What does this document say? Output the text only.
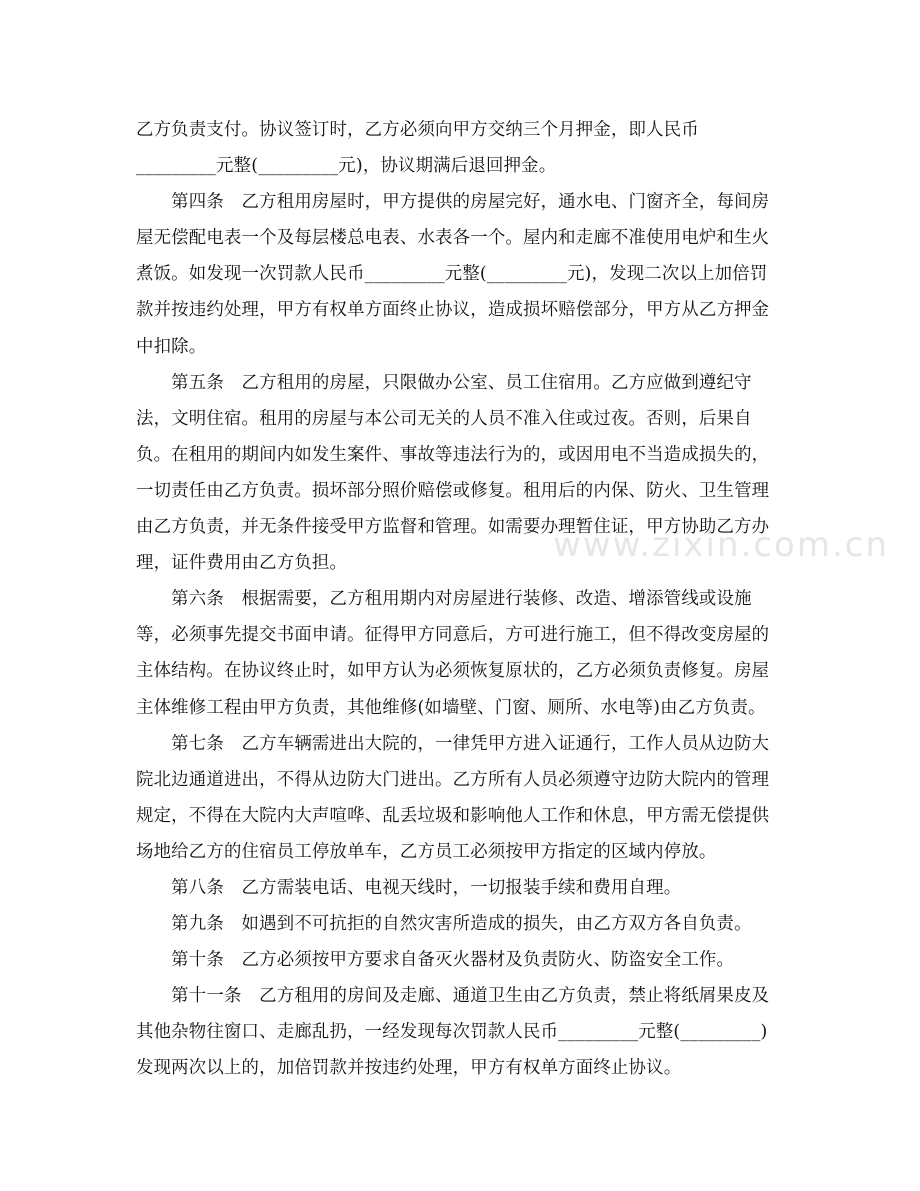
www.zixin.com.cn
乙方负责支付。协议签订时，乙方必须向甲方交纳三个月押金，即人民币
_________元整(_________元)，协议期满后退回押金。
　　第四条　乙方租用房屋时，甲方提供的房屋完好，通水电、门窗齐全，每间房
屋无偿配电表一个及每层楼总电表、水表各一个。屋内和走廊不准使用电炉和生火
煮饭。如发现一次罚款人民币_________元整(_________元)，发现二次以上加倍罚
款并按违约处理，甲方有权单方面终止协议，造成损坏赔偿部分，甲方从乙方押金
中扣除。
　　第五条　乙方租用的房屋，只限做办公室、员工住宿用。乙方应做到遵纪守
法，文明住宿。租用的房屋与本公司无关的人员不准入住或过夜。否则，后果自
负。在租用的期间内如发生案件、事故等违法行为的，或因用电不当造成损失的，
一切责任由乙方负责。损坏部分照价赔偿或修复。租用后的内保、防火、卫生管理
由乙方负责，并无条件接受甲方监督和管理。如需要办理暂住证，甲方协助乙方办
理，证件费用由乙方负担。
　　第六条　根据需要，乙方租用期内对房屋进行装修、改造、增添管线或设施
等，必须事先提交书面申请。征得甲方同意后，方可进行施工，但不得改变房屋的
主体结构。在协议终止时，如甲方认为必须恢复原状的，乙方必须负责修复。房屋
主体维修工程由甲方负责，其他维修(如墙壁、门窗、厕所、水电等)由乙方负责。
　　第七条　乙方车辆需进出大院的，一律凭甲方进入证通行，工作人员从边防大
院北边通道进出，不得从边防大门进出。乙方所有人员必须遵守边防大院内的管理
规定，不得在大院内大声喧哗、乱丢垃圾和影响他人工作和休息，甲方需无偿提供
场地给乙方的住宿员工停放单车，乙方员工必须按甲方指定的区域内停放。
　　第八条　乙方需装电话、电视天线时，一切报装手续和费用自理。
　　第九条　如遇到不可抗拒的自然灾害所造成的损失，由乙方双方各自负责。
　　第十条　乙方必须按甲方要求自备灭火器材及负责防火、防盗安全工作。
　　第十一条　乙方租用的房间及走廊、通道卫生由乙方负责，禁止将纸屑果皮及
其他杂物往窗口、走廊乱扔，一经发现每次罚款人民币_________元整(_________)
发现两次以上的，加倍罚款并按违约处理，甲方有权单方面终止协议。
